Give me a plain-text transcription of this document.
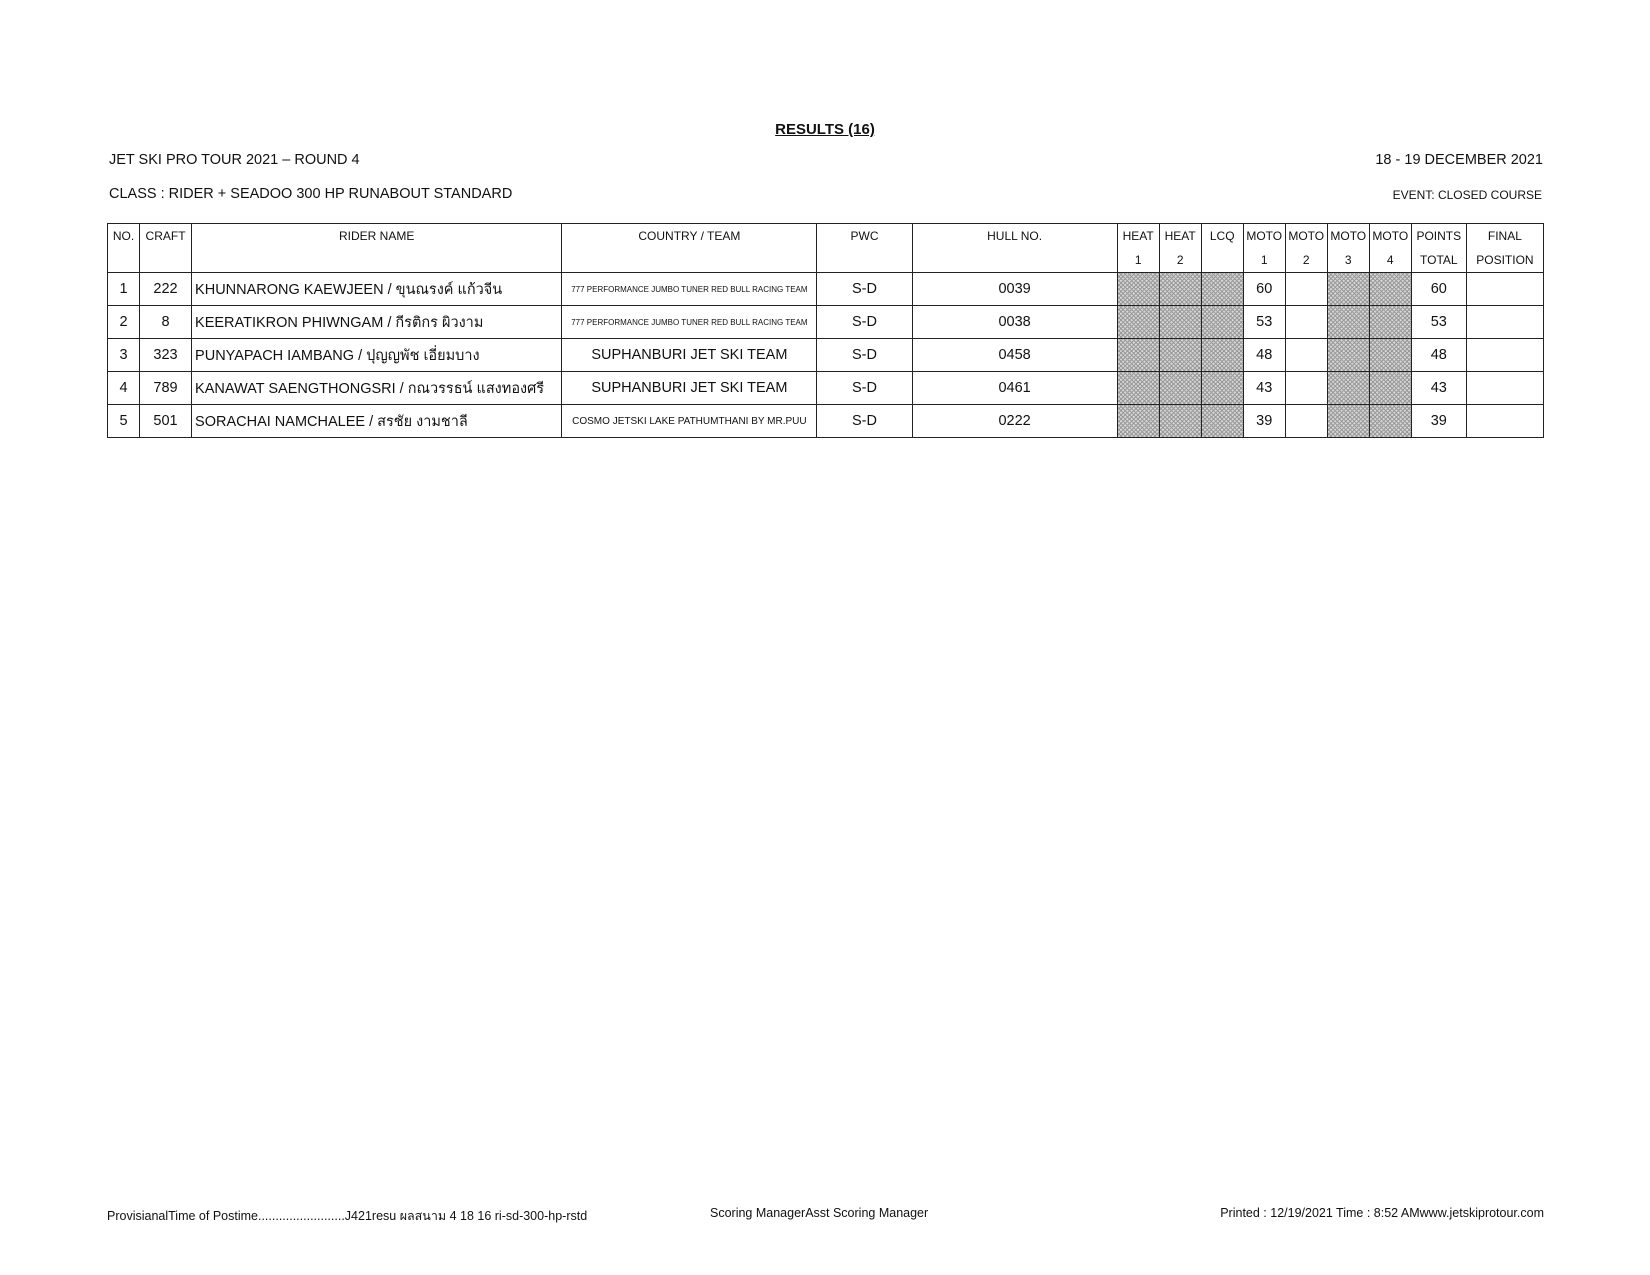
RESULTS (16)
JET SKI PRO TOUR 2021 – ROUND 4	18 - 19 DECEMBER 2021
CLASS : RIDER + SEADOO 300 HP RUNABOUT STANDARD	EVENT: CLOSED COURSE
NO.	CRAFT	RIDER NAME	COUNTRY / TEAM	PWC	HULL NO.	HEAT	HEAT	LCQ	MOTO	MOTO	MOTO	MOTO	POINTS	FINAL
						1	2		1	2	3	4	TOTAL	POSITION
1	222	KHUNNARONG KAEWJEEN / ขุนณรงค์ แก้วจีน	777 PERFORMANCE JUMBO TUNER RED BULL RACING TEAM	S-D	0039				60				60	
2	8	KEERATIKRON PHIWNGAM / กีรติกร ผิวงาม	777 PERFORMANCE JUMBO TUNER RED BULL RACING TEAM	S-D	0038				53				53	
3	323	PUNYAPACH IAMBANG / ปุญญพัช เอี่ยมบาง	SUPHANBURI JET SKI TEAM	S-D	0458				48				48	
4	789	KANAWAT SAENGTHONGSRI / กณวรรธน์ แสงทองศรี	SUPHANBURI JET SKI TEAM	S-D	0461				43				43	
5	501	SORACHAI NAMCHALEE / สรชัย งามชาลี	COSMO JETSKI LAKE PATHUMTHANI BY MR.PUU	S-D	0222				39				39	
ProvisianalTime of Postime.........................J421resu ผลสนาม 4 18 16 ri-sd-300-hp-rstd	Scoring ManagerAsst Scoring Manager	Printed : 12/19/2021 Time : 8:52 AMwww.jetskiprotour.com
